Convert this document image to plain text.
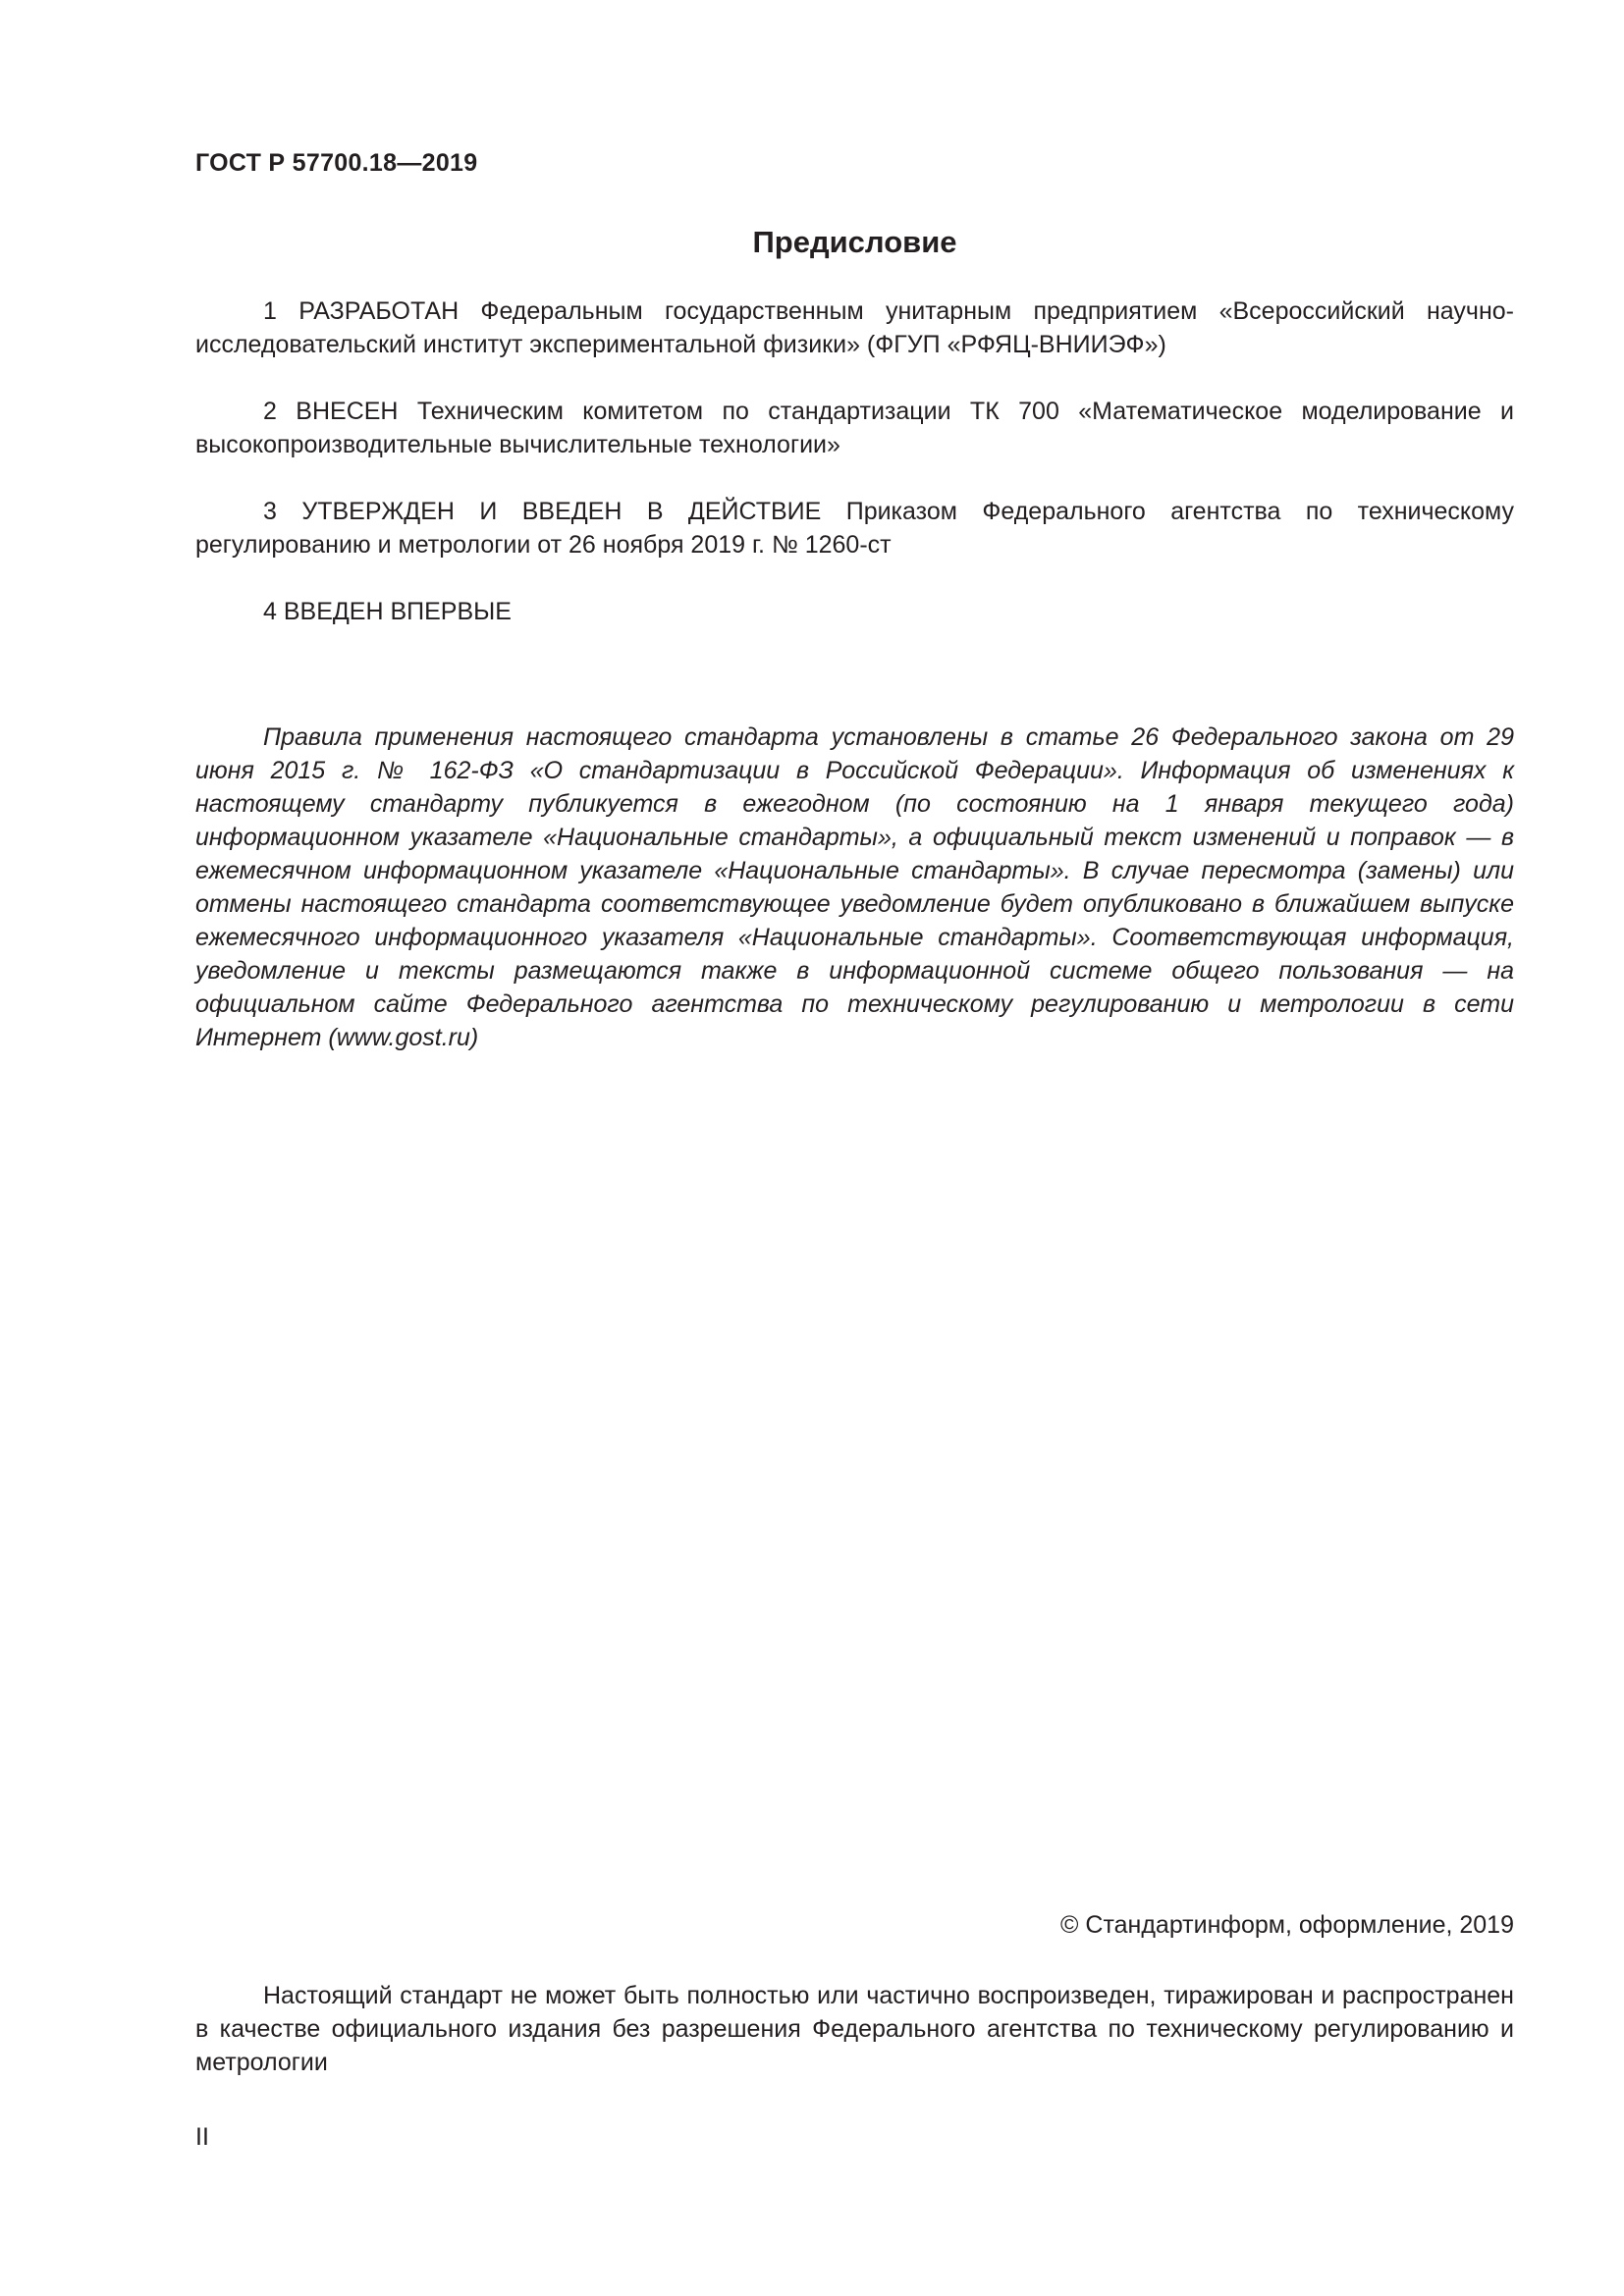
ГОСТ Р 57700.18—2019
Предисловие

1 РАЗРАБОТАН Федеральным государственным унитарным предприятием «Всероссийский научно-исследовательский институт экспериментальной физики» (ФГУП «РФЯЦ-ВНИИЭФ»)

2 ВНЕСЕН Техническим комитетом по стандартизации ТК 700 «Математическое моделирование и высокопроизводительные вычислительные технологии»

3 УТВЕРЖДЕН И ВВЕДЕН В ДЕЙСТВИЕ Приказом Федерального агентства по техническому регулированию и метрологии от 26 ноября 2019 г. № 1260-ст

4 ВВЕДЕН ВПЕРВЫЕ

Правила применения настоящего стандарта установлены в статье 26 Федерального закона от 29 июня 2015 г. № 162-ФЗ «О стандартизации в Российской Федерации». Информация об изменениях к настоящему стандарту публикуется в ежегодном (по состоянию на 1 января текущего года) информационном указателе «Национальные стандарты», а официальный текст изменений и поправок — в ежемесячном информационном указателе «Национальные стандарты». В случае пересмотра (замены) или отмены настоящего стандарта соответствующее уведомление будет опубликовано в ближайшем выпуске ежемесячного информационного указателя «Национальные стандарты». Соответствующая информация, уведомление и тексты размещаются также в информационной системе общего пользования — на официальном сайте Федерального агентства по техническому регулированию и метрологии в сети Интернет (www.gost.ru)

© Стандартинформ, оформление, 2019

Настоящий стандарт не может быть полностью или частично воспроизведен, тиражирован и распространен в качестве официального издания без разрешения Федерального агентства по техническому регулированию и метрологии

II
